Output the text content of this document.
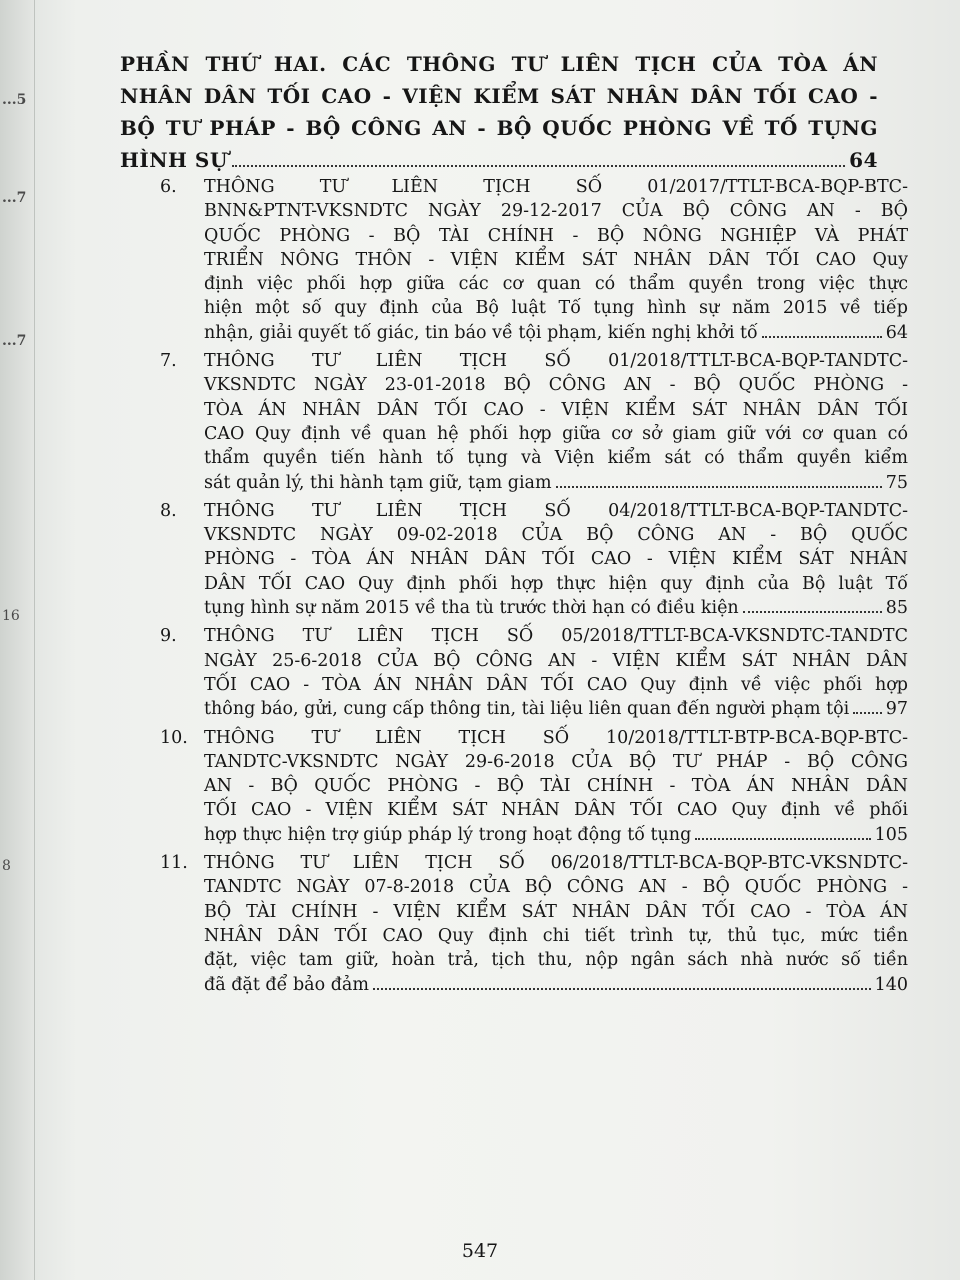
...5
...7
...7
16
8
PHẦN THỨ HAI. CÁC THÔNG TƯ LIÊN TỊCH CỦA TÒA ÁN
NHÂN DÂN TỐI CAO - VIỆN KIỂM SÁT NHÂN DÂN TỐI CAO -
BỘ TƯ PHÁP - BỘ CÔNG AN - BỘ QUỐC PHÒNG VỀ TỐ TỤNG
HÌNH SỰ	64
6.	THÔNG TƯ LIÊN TỊCH SỐ 01/2017/TTLT-BCA-BQP-BTC-
BNN&PTNT-VKSNDTC NGÀY 29-12-2017 CỦA BỘ CÔNG AN - BỘ
QUỐC PHÒNG - BỘ TÀI CHÍNH - BỘ NÔNG NGHIỆP VÀ PHÁT
TRIỂN NÔNG THÔN - VIỆN KIỂM SÁT NHÂN DÂN TỐI CAO Quy
định việc phối hợp giữa các cơ quan có thẩm quyền trong việc thực
hiện một số quy định của Bộ luật Tố tụng hình sự năm 2015 về tiếp
nhận, giải quyết tố giác, tin báo về tội phạm, kiến nghị khởi tố	64
7.	THÔNG TƯ LIÊN TỊCH SỐ 01/2018/TTLT-BCA-BQP-TANDTC-
VKSNDTC NGÀY 23-01-2018 BỘ CÔNG AN - BỘ QUỐC PHÒNG -
TÒA ÁN NHÂN DÂN TỐI CAO - VIỆN KIỂM SÁT NHÂN DÂN TỐI
CAO Quy định về quan hệ phối hợp giữa cơ sở giam giữ với cơ quan có
thẩm quyền tiến hành tố tụng và Viện kiểm sát có thẩm quyền kiểm
sát quản lý, thi hành tạm giữ, tạm giam	75
8.	THÔNG TƯ LIÊN TỊCH SỐ 04/2018/TTLT-BCA-BQP-TANDTC-
VKSNDTC NGÀY 09-02-2018 CỦA BỘ CÔNG AN - BỘ QUỐC
PHÒNG - TÒA ÁN NHÂN DÂN TỐI CAO - VIỆN KIỂM SÁT NHÂN
DÂN TỐI CAO Quy định phối hợp thực hiện quy định của Bộ luật Tố
tụng hình sự năm 2015 về tha tù trước thời hạn có điều kiện	85
9.	THÔNG TƯ LIÊN TỊCH SỐ 05/2018/TTLT-BCA-VKSNDTC-TANDTC
NGÀY 25-6-2018 CỦA BỘ CÔNG AN - VIỆN KIỂM SÁT NHÂN DÂN
TỐI CAO - TÒA ÁN NHÂN DÂN TỐI CAO Quy định về việc phối hợp
thông báo, gửi, cung cấp thông tin, tài liệu liên quan đến người phạm tội 97
10. THÔNG TƯ LIÊN TỊCH SỐ 10/2018/TTLT-BTP-BCA-BQP-BTC-
TANDTC-VKSNDTC NGÀY 29-6-2018 CỦA BỘ TƯ PHÁP - BỘ CÔNG
AN - BỘ QUỐC PHÒNG - BỘ TÀI CHÍNH - TÒA ÁN NHÂN DÂN
TỐI CAO - VIỆN KIỂM SÁT NHÂN DÂN TỐI CAO Quy định về phối
hợp thực hiện trợ giúp pháp lý trong hoạt động tố tụng	105
11. THÔNG TƯ LIÊN TỊCH SỐ 06/2018/TTLT-BCA-BQP-BTC-VKSNDTC-
TANDTC NGÀY 07-8-2018 CỦA BỘ CÔNG AN - BỘ QUỐC PHÒNG -
BỘ TÀI CHÍNH - VIỆN KIỂM SÁT NHÂN DÂN TỐI CAO - TÒA ÁN
NHÂN DÂN TỐI CAO Quy định chi tiết trình tự, thủ tục, mức tiền
đặt, việc tam giữ, hoàn trả, tịch thu, nộp ngân sách nhà nước số tiền
đã đặt để bảo đảm	140
547
